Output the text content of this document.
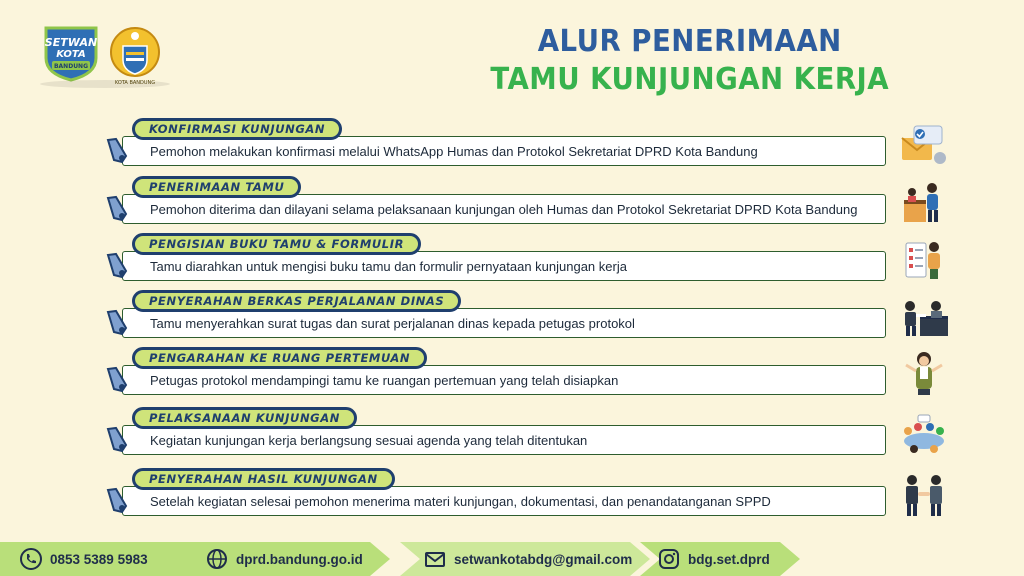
SETWAN
KOTA
BANDUNG
KOTA BANDUNG
ALUR PENERIMAAN
TAMU KUNJUNGAN KERJA
Pemohon melakukan konfirmasi melalui WhatsApp Humas dan Protokol Sekretariat DPRD Kota Bandung
KONFIRMASI KUNJUNGAN
Pemohon diterima dan dilayani selama pelaksanaan kunjungan oleh Humas dan Protokol Sekretariat DPRD Kota Bandung
PENERIMAAN TAMU
Tamu diarahkan untuk mengisi buku tamu dan formulir pernyataan kunjungan kerja
PENGISIAN BUKU TAMU & FORMULIR
Tamu menyerahkan surat tugas dan surat perjalanan dinas kepada petugas protokol
PENYERAHAN BERKAS PERJALANAN DINAS
Petugas protokol mendampingi tamu ke ruangan pertemuan yang telah disiapkan
PENGARAHAN KE RUANG PERTEMUAN
Kegiatan kunjungan kerja berlangsung sesuai agenda yang telah ditentukan
PELAKSANAAN KUNJUNGAN
Setelah kegiatan selesai pemohon menerima materi kunjungan, dokumentasi, dan penandatanganan SPPD
PENYERAHAN HASIL KUNJUNGAN
0853 5389 5983	dprd.bandung.go.id	setwankotabdg@gmail.com	bdg.set.dprd
